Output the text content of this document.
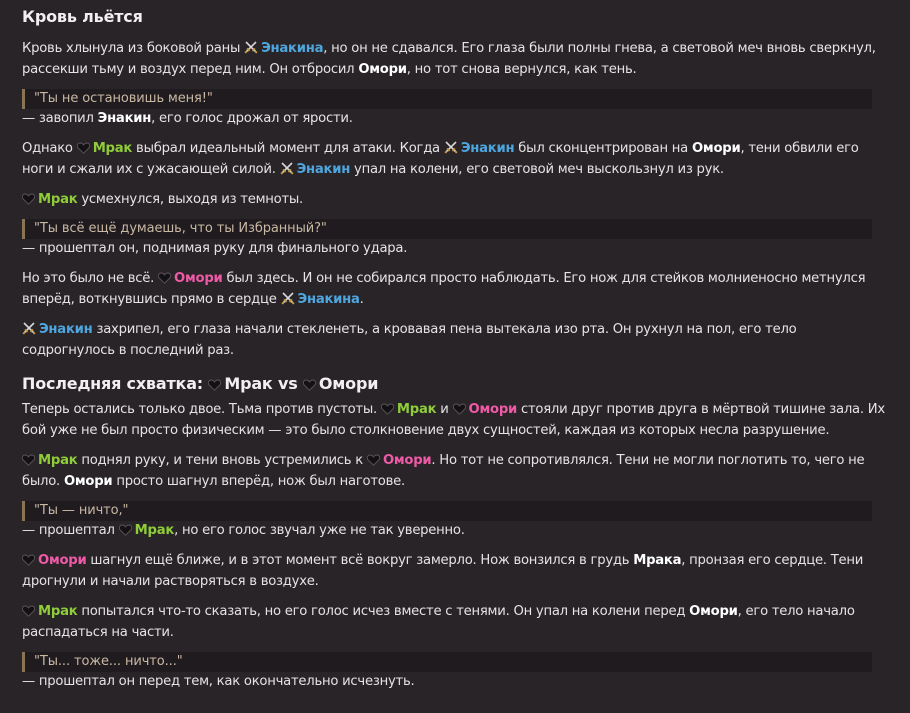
Кровь льётся

Кровь хлынула из боковой раны Энакина, но он не сдавался. Его глаза были полны гнева, а световой меч вновь сверкнул, рассекши тьму и воздух перед ним. Он отбросил Омори, но тот снова вернулся, как тень.

"Ты не остановишь меня!"

— завопил Энакин, его голос дрожал от ярости.

Однако Мрак выбрал идеальный момент для атаки. Когда Энакин был сконцентрирован на Омори, тени обвили его ноги и сжали их с ужасающей силой. Энакин упал на колени, его световой меч выскользнул из рук.

Мрак усмехнулся, выходя из темноты.

"Ты всё ещё думаешь, что ты Избранный?"

— прошептал он, поднимая руку для финального удара.

Но это было не всё. Омори был здесь. И он не собирался просто наблюдать. Его нож для стейков молниеносно метнулся вперёд, воткнувшись прямо в сердце Энакина.

Энакин захрипел, его глаза начали стекленеть, а кровавая пена вытекала изо рта. Он рухнул на пол, его тело содрогнулось в последний раз.

Последняя схватка: Мрак vs Омори

Теперь остались только двое. Тьма против пустоты. Мрак и Омори стояли друг против друга в мёртвой тишине зала. Их бой уже не был просто физическим — это было столкновение двух сущностей, каждая из которых несла разрушение.

Мрак поднял руку, и тени вновь устремились к Омори. Но тот не сопротивлялся. Тени не могли поглотить то, чего не было. Омори просто шагнул вперёд, нож был наготове.

"Ты — ничто,"

— прошептал Мрак, но его голос звучал уже не так уверенно.

Омори шагнул ещё ближе, и в этот момент всё вокруг замерло. Нож вонзился в грудь Мрака, пронзая его сердце. Тени дрогнули и начали растворяться в воздухе.

Мрак попытался что-то сказать, но его голос исчез вместе с тенями. Он упал на колени перед Омори, его тело начало распадаться на части.

"Ты... тоже... ничто..."

— прошептал он перед тем, как окончательно исчезнуть.
